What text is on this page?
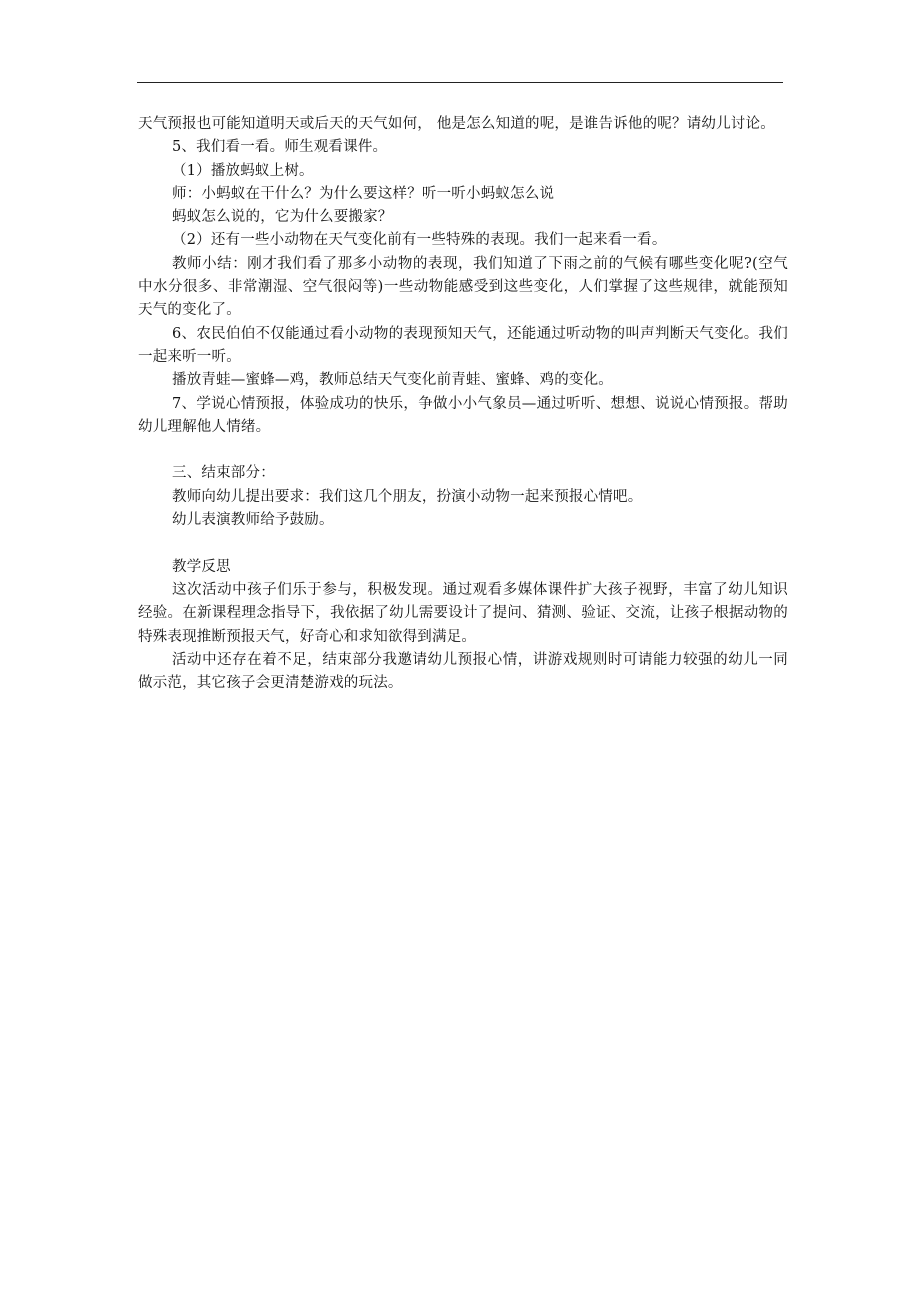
天气预报也可能知道明天或后天的天气如何， 他是怎么知道的呢，是谁告诉他的呢？请幼儿讨论。

5、我们看一看。师生观看课件。

（1）播放蚂蚁上树。

师：小蚂蚁在干什么？为什么要这样？听一听小蚂蚁怎么说

蚂蚁怎么说的，它为什么要搬家？

（2）还有一些小动物在天气变化前有一些特殊的表现。我们一起来看一看。

教师小结：刚才我们看了那多小动物的表现，我们知道了下雨之前的气候有哪些变化呢?(空气中水分很多、非常潮湿、空气很闷等)一些动物能感受到这些变化，人们掌握了这些规律，就能预知天气的变化了。

6、农民伯伯不仅能通过看小动物的表现预知天气，还能通过听动物的叫声判断天气变化。我们一起来听一听。

播放青蛙—蜜蜂—鸡，教师总结天气变化前青蛙、蜜蜂、鸡的变化。

7、学说心情预报，体验成功的快乐，争做小小气象员—通过听听、想想、说说心情预报。帮助幼儿理解他人情绪。

三、结束部分：

教师向幼儿提出要求：我们这几个朋友，扮演小动物一起来预报心情吧。

幼儿表演教师给予鼓励。

教学反思

这次活动中孩子们乐于参与，积极发现。通过观看多媒体课件扩大孩子视野，丰富了幼儿知识经验。在新课程理念指导下，我依据了幼儿需要设计了提问、猜测、验证、交流，让孩子根据动物的特殊表现推断预报天气，好奇心和求知欲得到满足。

活动中还存在着不足，结束部分我邀请幼儿预报心情，讲游戏规则时可请能力较强的幼儿一同做示范，其它孩子会更清楚游戏的玩法。
